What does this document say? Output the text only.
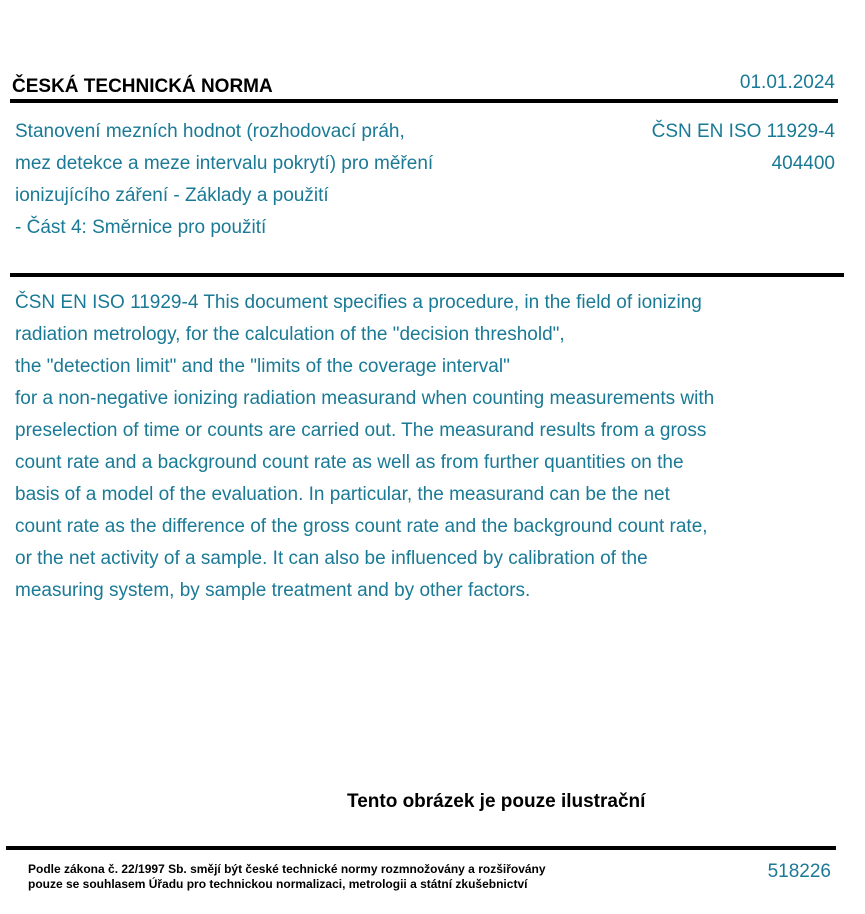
ČESKÁ TECHNICKÁ NORMA	01.01.2024
Stanovení mezních hodnot (rozhodovací práh,
mez detekce a meze intervalu pokrytí) pro měření
ionizujícího záření - Základy a použití
- Část 4: Směrnice pro použití
ČSN EN ISO 11929-4
404400
ČSN EN ISO 11929-4 This document specifies a procedure, in the field of ionizing
radiation metrology, for the calculation of the "decision threshold",
the "detection limit" and the "limits of the coverage interval"
for a non-negative ionizing radiation measurand when counting measurements with
preselection of time or counts are carried out. The measurand results from a gross
count rate and a background count rate as well as from further quantities on the
basis of a model of the evaluation. In particular, the measurand can be the net
count rate as the difference of the gross count rate and the background count rate,
or the net activity of a sample. It can also be influenced by calibration of the
measuring system, by sample treatment and by other factors.
Tento obrázek je pouze ilustrační
Podle zákona č. 22/1997 Sb. smějí být české technické normy rozmnožovány a rozšiřovány
pouze se souhlasem Úřadu pro technickou normalizaci, metrologii a státní zkušebnictví
518226
